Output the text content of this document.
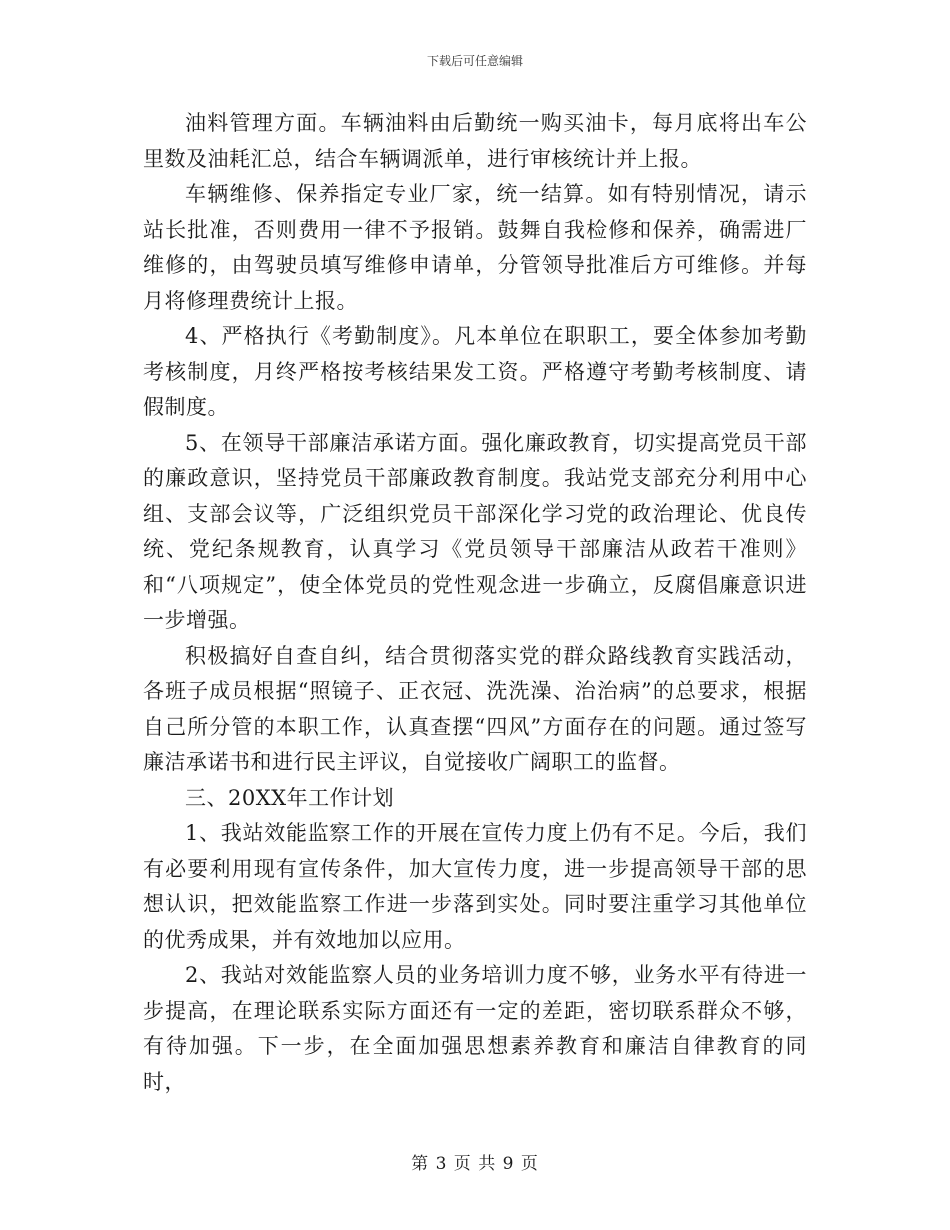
下载后可任意编辑

油料管理方面。车辆油料由后勤统一购买油卡，每月底将出车公里数及油耗汇总，结合车辆调派单，进行审核统计并上报。

车辆维修、保养指定专业厂家，统一结算。如有特别情况，请示站长批准，否则费用一律不予报销。鼓舞自我检修和保养，确需进厂维修的，由驾驶员填写维修申请单，分管领导批准后方可维修。并每月将修理费统计上报。

4、严格执行《考勤制度》。凡本单位在职职工，要全体参加考勤考核制度，月终严格按考核结果发工资。严格遵守考勤考核制度、请假制度。

5、在领导干部廉洁承诺方面。强化廉政教育，切实提高党员干部的廉政意识，坚持党员干部廉政教育制度。我站党支部充分利用中心组、支部会议等，广泛组织党员干部深化学习党的政治理论、优良传统、党纪条规教育，认真学习《党员领导干部廉洁从政若干准则》和“八项规定”，使全体党员的党性观念进一步确立，反腐倡廉意识进一步增强。

积极搞好自查自纠，结合贯彻落实党的群众路线教育实践活动，各班子成员根据“照镜子、正衣冠、洗洗澡、治治病”的总要求，根据自己所分管的本职工作，认真查摆“四风”方面存在的问题。通过签写廉洁承诺书和进行民主评议，自觉接收广阔职工的监督。

三、20XX年工作计划

1、我站效能监察工作的开展在宣传力度上仍有不足。今后，我们有必要利用现有宣传条件，加大宣传力度，进一步提高领导干部的思想认识，把效能监察工作进一步落到实处。同时要注重学习其他单位的优秀成果，并有效地加以应用。

2、我站对效能监察人员的业务培训力度不够，业务水平有待进一步提高，在理论联系实际方面还有一定的差距，密切联系群众不够，有待加强。下一步，在全面加强思想素养教育和廉洁自律教育的同时，

第 3 页 共 9 页
